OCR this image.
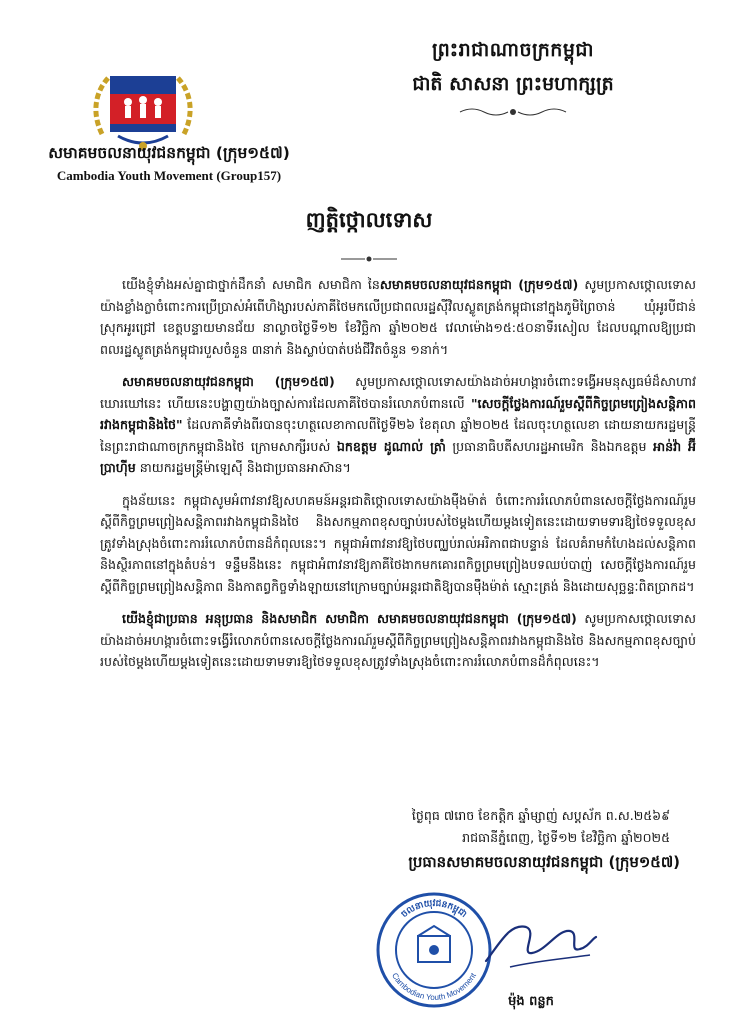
ព្រះរាជាណាចក្រកម្ពុជា
ជាតិ សាសនា ព្រះមហាក្សត្រ
សមាគមចលនាយុវជនកម្ពុជា (ក្រុម១៥៧)
Cambodia Youth Movement (Group157)
ញត្តិថ្កោលទោស

យើងខ្ញុំទាំងអស់គ្នាជាថ្នាក់ដឹកនាំ សមាជិក សមាជិកា នៃសមាគមចលនាយុវជនកម្ពុជា (ក្រុម១៥៧) សូមប្រកាសថ្កោលទោសយ៉ាងខ្លាំងក្លាចំពោះការប្រើប្រាស់អំពើហិង្សារបស់ភាគីថៃមកលើប្រជាពលរដ្ឋស៊ីវិលស្លូតត្រង់កម្ពុជានៅក្នុងភូមិព្រៃចាន់ ឃុំអូរបីជាន់ ស្រុកអូរជ្រៅ ខេត្តបន្ទាយមានជ័យ នាល្ងាចថ្ងៃទី១២ ខែវិច្ឆិកា ឆ្នាំ២០២៥ វេលាម៉ោង១៥:៥០នាទីរសៀល ដែលបណ្តាលឱ្យប្រជាពលរដ្ឋស្លូតត្រង់កម្ពុជារបួសចំនួន ៣នាក់ និងស្លាប់បាត់បង់ជីវិតចំនួន ១នាក់។

សមាគមចលនាយុវជនកម្ពុជា (ក្រុម១៥៧) សូមប្រកាសថ្កោលទោសយ៉ាងដាច់អហង្ការចំពោះទង្វើអមនុស្សធម៌ដ៏សាហាវឃោរឃៅនេះ ហើយនេះបង្ហាញយ៉ាងច្បាស់ការដែលភាគីថៃបានរំលោភបំពានលើ "សេចក្តីថ្លែងការណ៍រួមស្តីពីកិច្ចព្រមព្រៀងសន្តិភាពរវាងកម្ពុជានិងថៃ" ដែលភាគីទាំងពីរបានចុះហត្ថលេខាកាលពីថ្ងៃទី២៦ ខែតុលា ឆ្នាំ២០២៥ ដែលចុះហត្ថលេខា ដោយនាយករដ្ឋមន្ត្រីនៃព្រះរាជាណាចក្រកម្ពុជានិងថៃ ក្រោមសាក្សីរបស់ ឯកឧត្តម ដូណាល់ ត្រាំ ប្រធានាធិបតីសហរដ្ឋអាមេរិក និងឯកឧត្តម អាន់វ៉ា អ៊ីប្រាហ៊ីម នាយករដ្ឋមន្ត្រីម៉ាឡេស៊ី និងជាប្រធានអាស៊ាន។

ក្នុងន័យនេះ កម្ពុជាសូមអំពាវនាវឱ្យសហគមន៍អន្តរជាតិថ្កោលទោសយ៉ាងម៉ឺងម៉ាត់ ចំពោះការរំលោភបំពានសេចក្តីថ្លែងការណ៍រួមស្តីពីកិច្ចព្រមព្រៀងសន្តិភាពរវាងកម្ពុជានិងថៃ និងសកម្មភាពខុសច្បាប់របស់ថៃម្តងហើយម្តងទៀតនេះដោយទាមទារឱ្យថៃទទួលខុសត្រូវទាំងស្រុងចំពោះការរំលោភបំពានដ៏កំពុលនេះ។ កម្ពុជាអំពាវនាវឱ្យថៃបញ្ឈប់រាល់អរិភាពជាបន្ទាន់ ដែលគំរាមកំហែងដល់សន្តិភាព និងស្ថិរភាពនៅក្នុងតំបន់។ ទន្ទឹមនឹងនេះ កម្ពុជាអំពាវនាវឱ្យភាគីថៃងាកមកគោរពកិច្ចព្រមព្រៀងបទឈប់បាញ់ សេចក្តីថ្លែងការណ៍រួមស្តីពីកិច្ចព្រមព្រៀងសន្តិភាព និងកាតព្វកិច្ចទាំងឡាយនៅក្រោមច្បាប់អន្តរជាតិឱ្យបានម៉ឺងម៉ាត់ ស្មោះត្រង់ និងដោយសុច្ឆន្ទៈពិតប្រាកដ។

យើងខ្ញុំជាប្រធាន អនុប្រធាន និងសមាជិក សមាជិកា សមាគមចលនាយុវជនកម្ពុជា (ក្រុម១៥៧) សូមប្រកាសថ្កោលទោសយ៉ាងដាច់អហង្ការចំពោះទង្វើរំលោភបំពានសេចក្តីថ្លែងការណ៍រួមស្តីពីកិច្ចព្រមព្រៀងសន្តិភាពរវាងកម្ពុជានិងថៃ និងសកម្មភាពខុសច្បាប់របស់ថៃម្តងហើយម្តងទៀតនេះដោយទាមទារឱ្យថៃទទួលខុសត្រូវទាំងស្រុងចំពោះការរំលោភបំពានដ៏កំពុលនេះ។

ថ្ងៃពុធ ៧រោច ខែកត្តិក ឆ្នាំម្សាញ់ សប្តស័ក ព.ស.២៥៦៩
រាជធានីភ្នំពេញ, ថ្ងៃទី១២ ខែវិច្ឆិកា ឆ្នាំ២០២៥
ប្រធានសមាគមចលនាយុវជនកម្ពុជា (ក្រុម១៥៧)
ចលនាយុវជនកម្ពុជា
Cambodian Youth Movement
ម៉ុង ពន្លក
